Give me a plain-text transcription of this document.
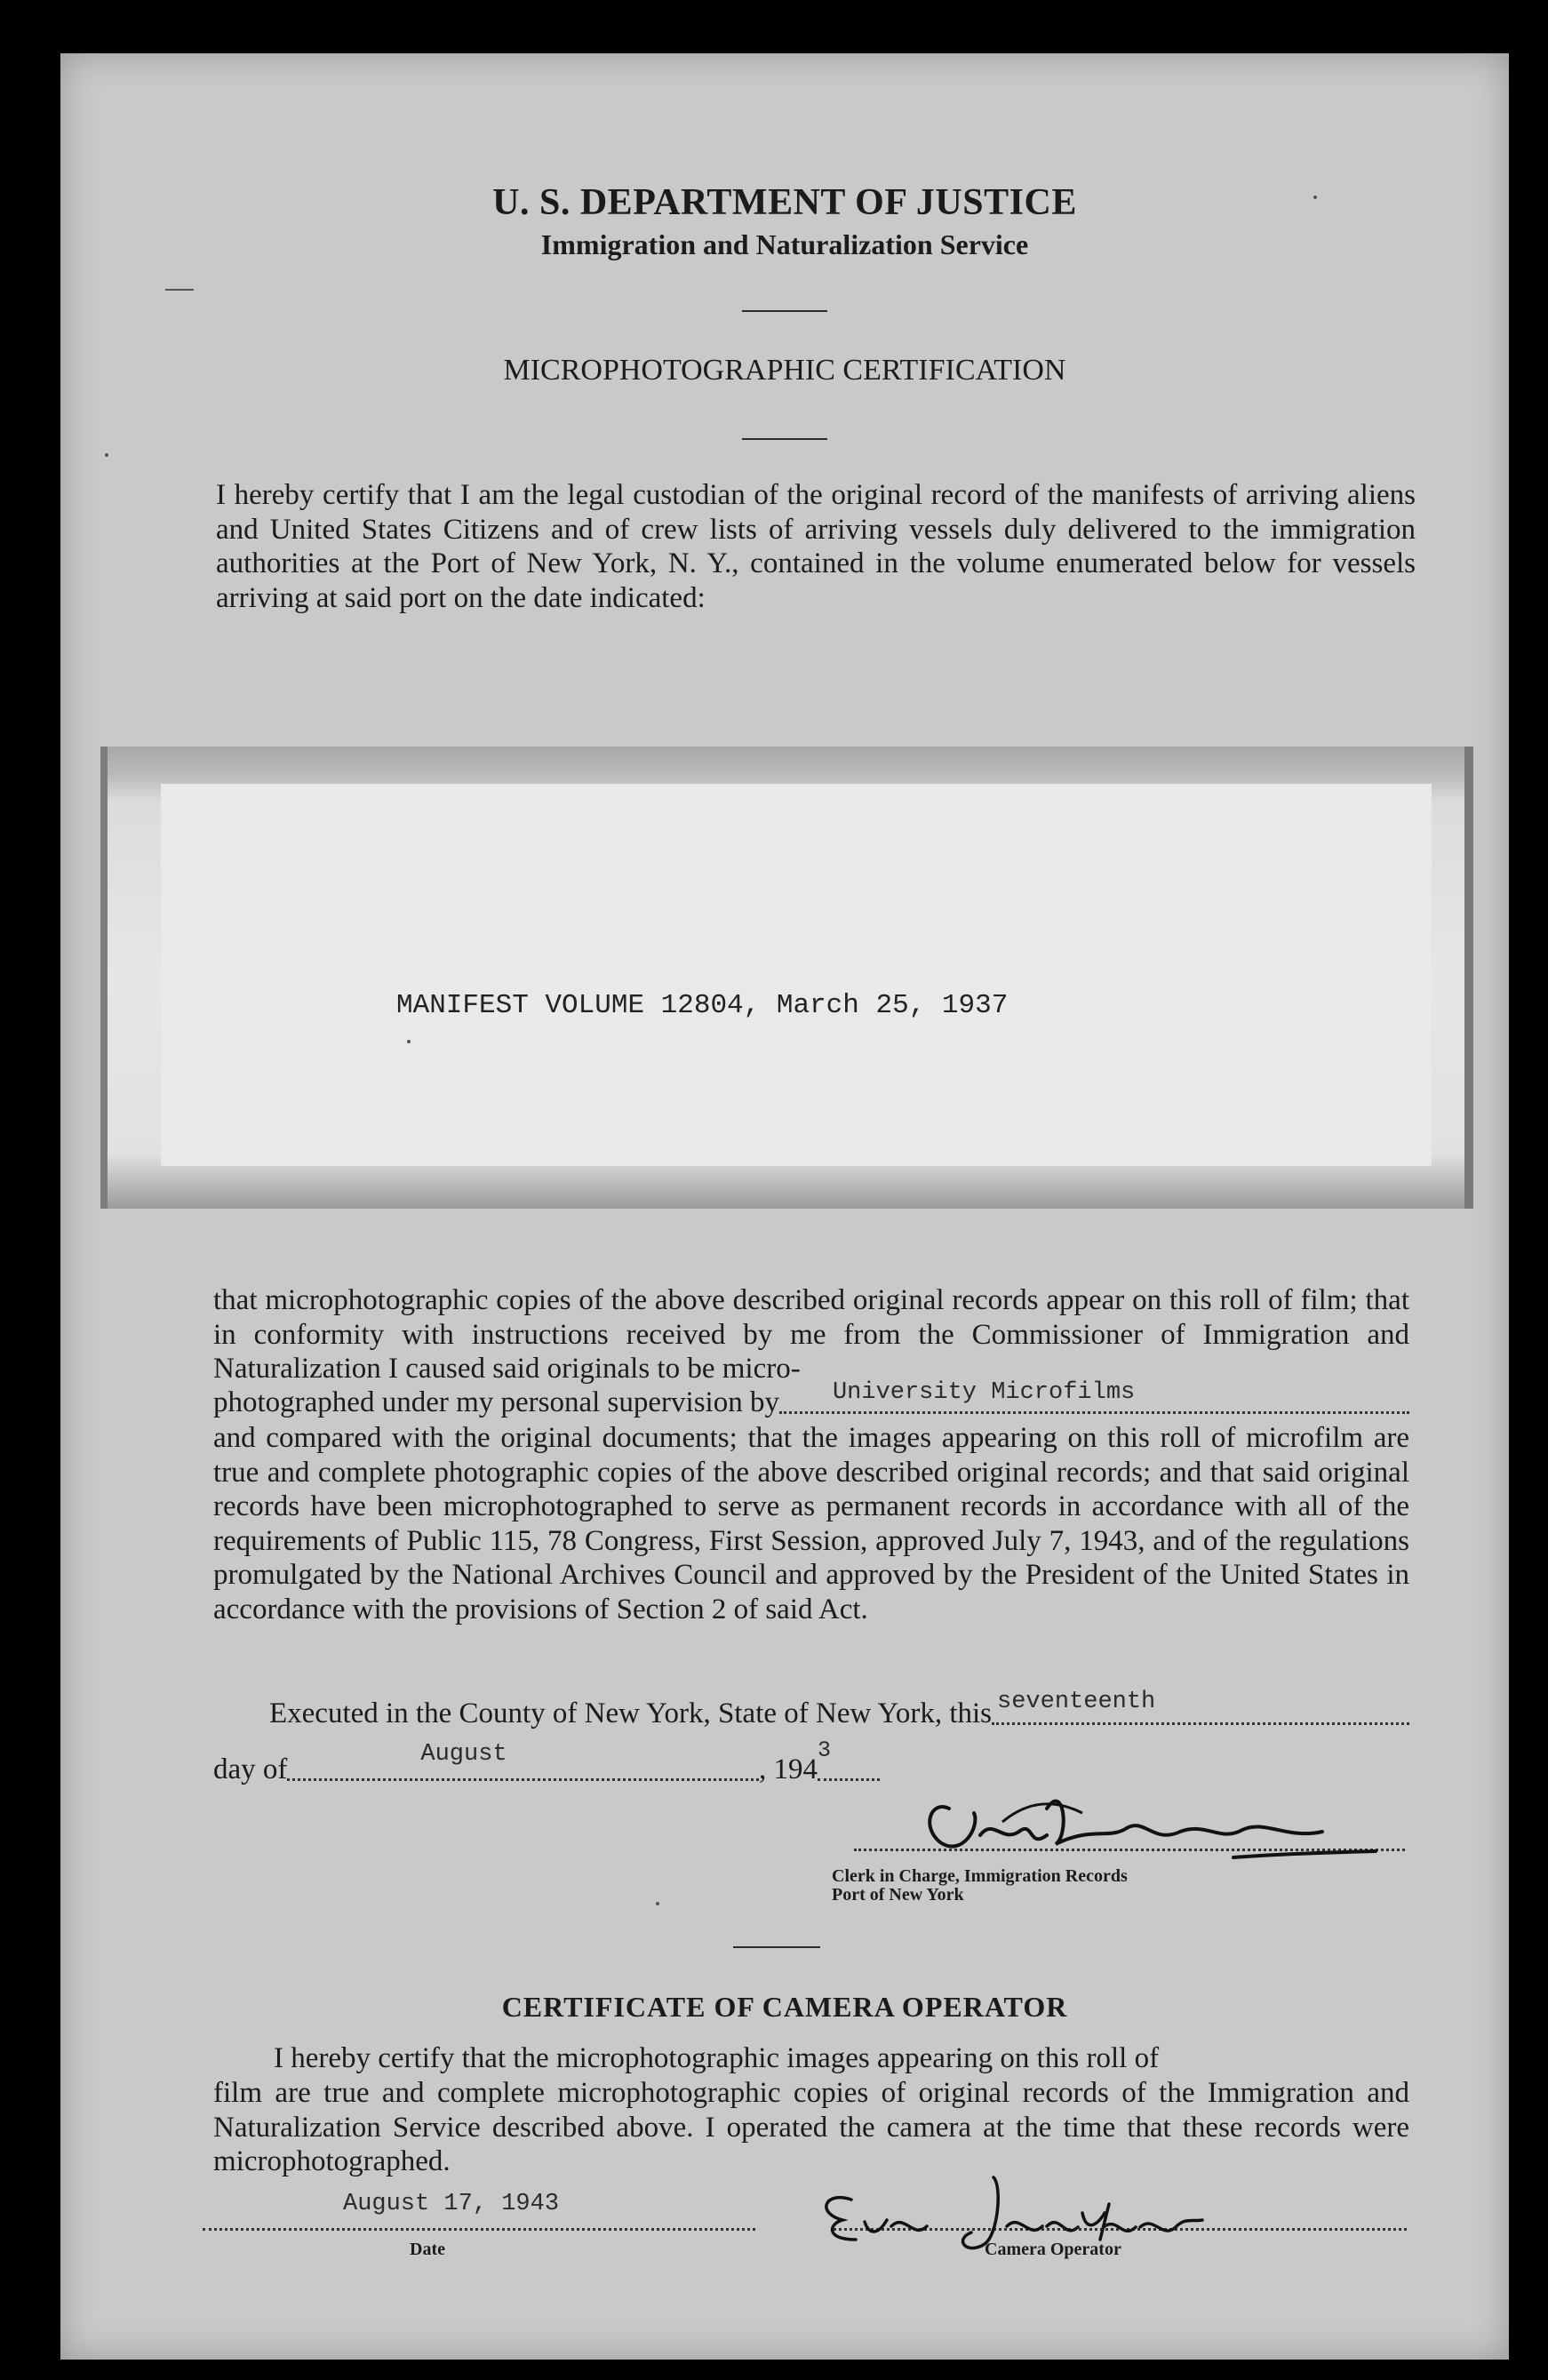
U. S. DEPARTMENT OF JUSTICE
Immigration and Naturalization Service
MICROPHOTOGRAPHIC CERTIFICATION
I hereby certify that I am the legal custodian of the original record of the manifests of arriving aliens and United States Citizens and of crew lists of arriving vessels duly delivered to the immigration authorities at the Port of New York, N. Y., contained in the volume enumerated below for vessels arriving at said port on the date indicated:
MANIFEST VOLUME 12804, March 25, 1937
that microphotographic copies of the above described original records appear on this roll of film; that in conformity with instructions received by me from the Commissioner of Immigration and Naturalization I caused said originals to be micro-
photographed under my personal supervision by University Microfilms
and compared with the original documents; that the images appearing on this roll of microfilm are true and complete photographic copies of the above described original records; and that said original records have been microphotographed to serve as permanent records in accordance with all of the requirements of Public 115, 78 Congress, First Session, approved July 7, 1943, and of the regulations promulgated by the National Archives Council and approved by the President of the United States in accordance with the provisions of Section 2 of said Act.
Executed in the County of New York, State of New York, this seventeenth
day of	August	, 194
3
Clerk in Charge, Immigration Records
Port of New York
CERTIFICATE OF CAMERA OPERATOR
I hereby certify that the microphotographic images appearing on this roll of
film are true and complete microphotographic copies of original records of the Immigration and Naturalization Service described above. I operated the camera at the time that these records were microphotographed.
August 17, 1943
Date	Camera Operator
